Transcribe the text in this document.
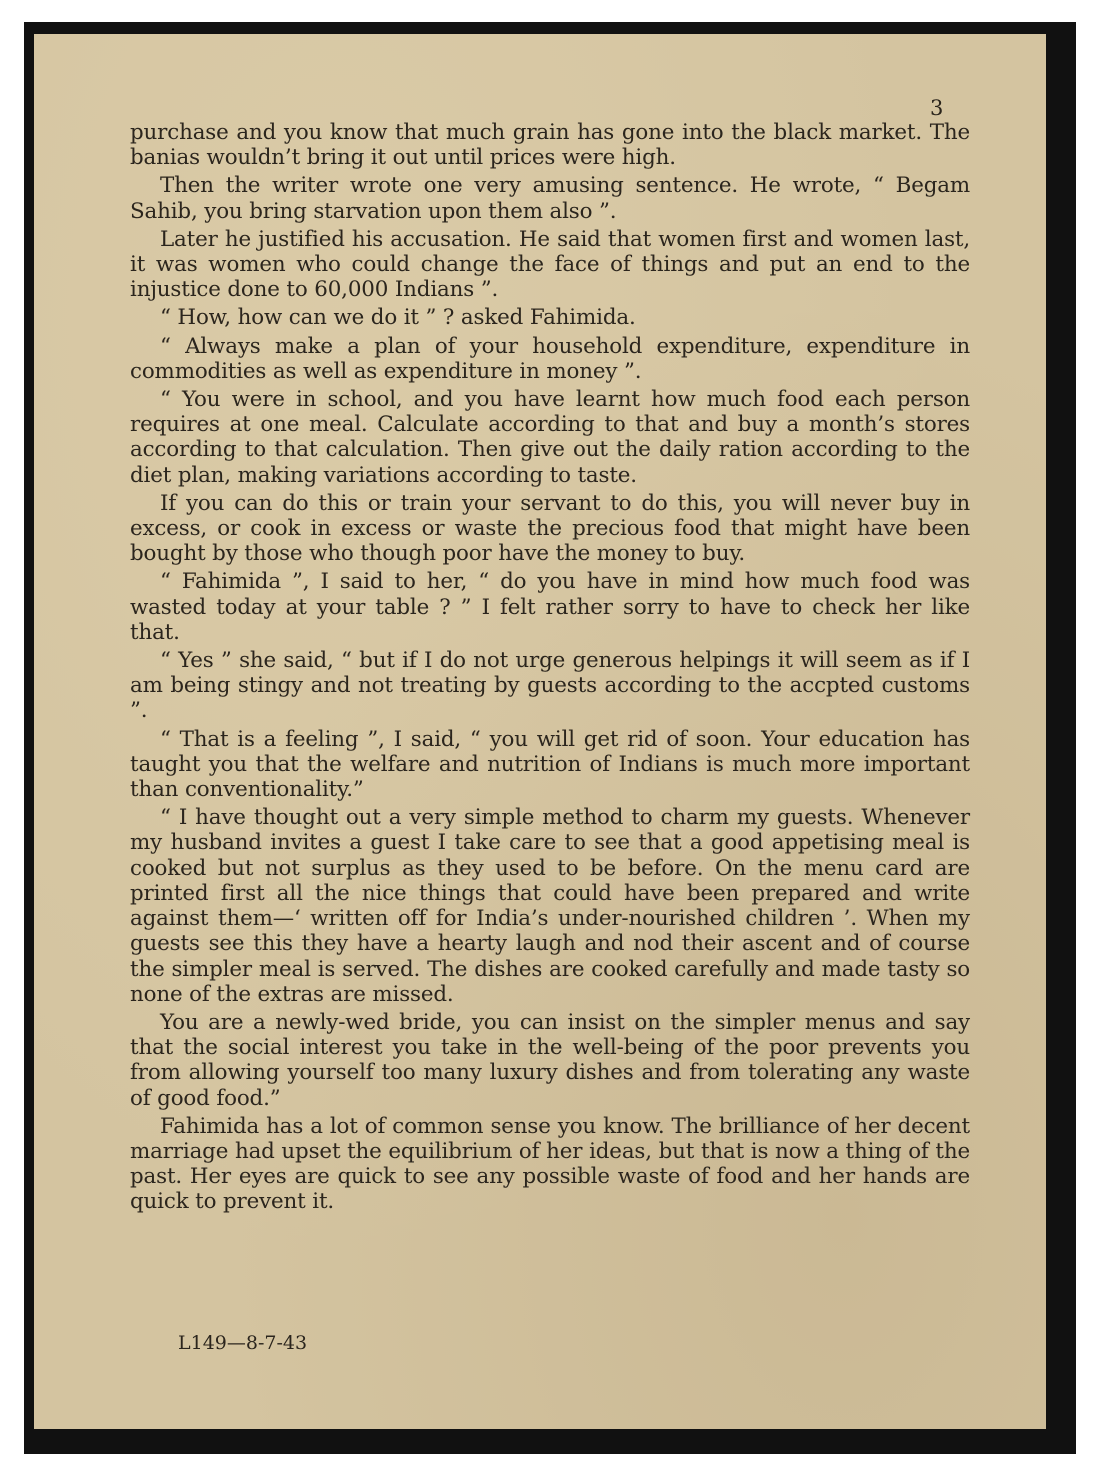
3

purchase and you know that much grain has gone into the black market. The banias wouldn’t bring it out until prices were high.

Then the writer wrote one very amusing sentence. He wrote, “ Begam Sahib, you bring starvation upon them also ”.

Later he justified his accusation. He said that women first and women last, it was women who could change the face of things and put an end to the injustice done to 60,000 Indians ”.

“ How, how can we do it ” ? asked Fahimida.

“ Always make a plan of your household expenditure, expenditure in commodities as well as expenditure in money ”.

“ You were in school, and you have learnt how much food each person requires at one meal. Calculate according to that and buy a month’s stores according to that calculation. Then give out the daily ration according to the diet plan, making variations according to taste.

If you can do this or train your servant to do this, you will never buy in excess, or cook in excess or waste the precious food that might have been bought by those who though poor have the money to buy.

“ Fahimida ”, I said to her, “ do you have in mind how much food was wasted today at your table ? ” I felt rather sorry to have to check her like that.

“ Yes ” she said, “ but if I do not urge generous helpings it will seem as if I am being stingy and not treating by guests according to the accpted customs ”.

“ That is a feeling ”, I said, “ you will get rid of soon. Your education has taught you that the welfare and nutrition of Indians is much more important than conventionality.”

“ I have thought out a very simple method to charm my guests. Whenever my husband invites a guest I take care to see that a good appetising meal is cooked but not surplus as they used to be before. On the menu card are printed first all the nice things that could have been prepared and write against them—‘ written off for India’s under-nourished children ’. When my guests see this they have a hearty laugh and nod their ascent and of course the simpler meal is served. The dishes are cooked carefully and made tasty so none of the extras are missed.

You are a newly-wed bride, you can insist on the simpler menus and say that the social interest you take in the well-being of the poor prevents you from allowing yourself too many luxury dishes and from tolerating any waste of good food.”

Fahimida has a lot of common sense you know. The brilliance of her decent marriage had upset the equilibrium of her ideas, but that is now a thing of the past. Her eyes are quick to see any possible waste of food and her hands are quick to prevent it.

L149—8-7-43
